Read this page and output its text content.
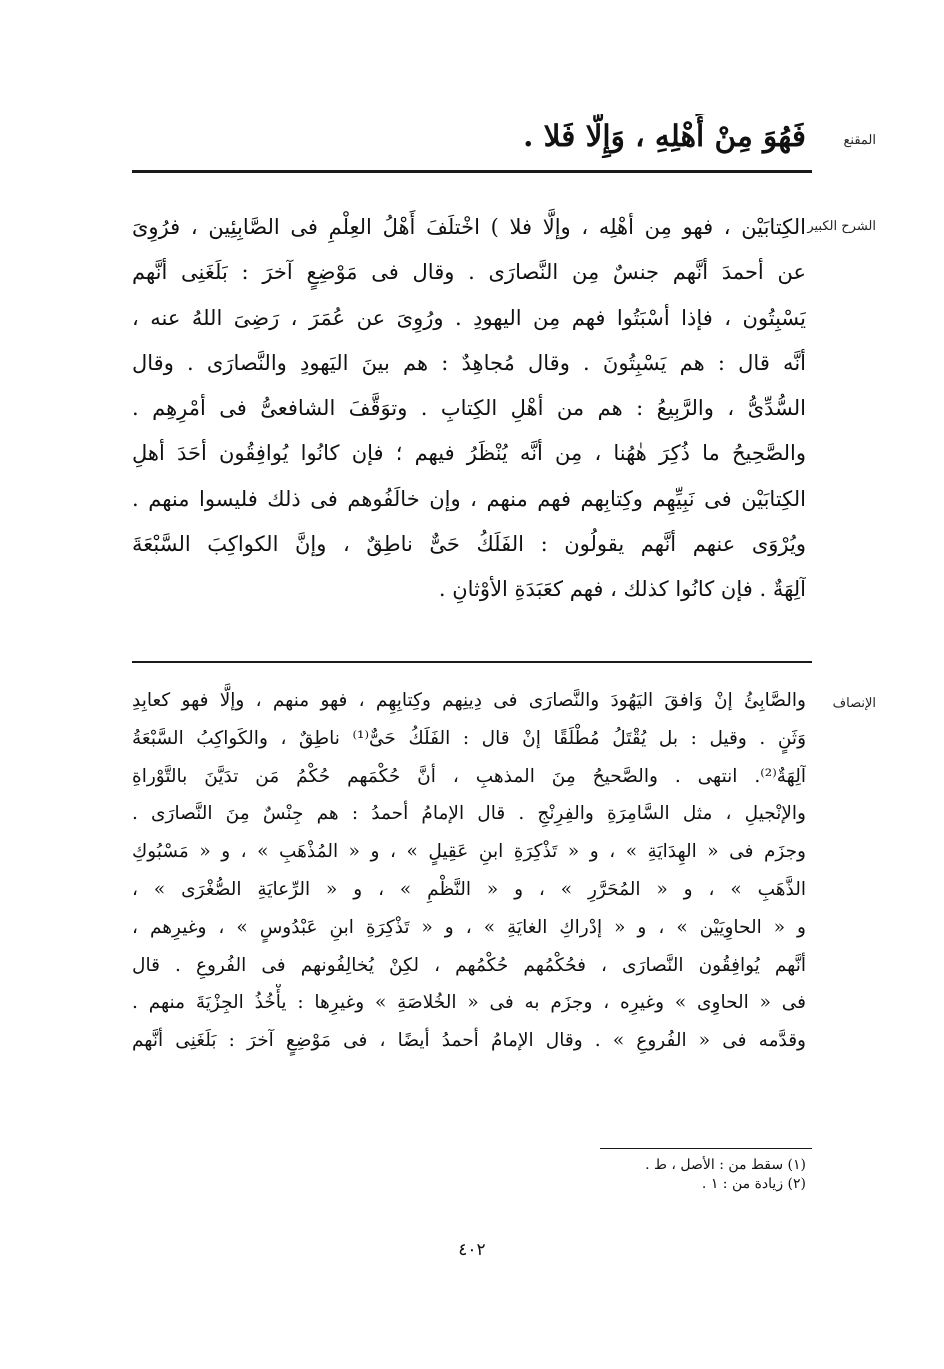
المقنع
فَهُوَ مِنْ أَهْلِهِ ، وَإِلَّا فَلا .
الشرح الكبير
الكِتابَيْن ، فهو مِن أهْلِه ، وإلَّا فلا ) اخْتلَفَ أَهْلُ العِلْمِ فى الصَّابِئِين ، فرُوِىَ
عن أحمدَ أنَّهم جنسٌ مِن النَّصارَى . وقال فى مَوْضِعٍ آخرَ : بَلَغَنِى أنَّهم
يَسْبِتُون ، فإذا أسْبَتُوا فهم مِن اليهودِ . ورُوِىَ عن عُمَرَ ، رَضِىَ اللهُ عنه ،
أنَّه قال : هم يَسْبِتُونَ . وقال مُجاهِدٌ : هم بينَ اليَهودِ والنَّصارَى . وقال
السُّدِّىُّ ، والرَّبِيعُ : هم من أهْلِ الكِتابِ . وتوَقَّفَ الشافعىُّ فى أمْرِهِم .
والصَّحِيحُ ما ذُكِرَ هٰهُنا ، مِن أنَّه يُنْظَرُ فيهم ؛ فإن كانُوا يُوافِقُون أحَدَ أهلِ
الكِتابَيْن فى نَبِيِّهِم وكِتابِهم فهم منهم ، وإن خالَفُوهم فى ذلك فليسوا منهم .
ويُرْوَى عنهم أنَّهم يقولُون : الفَلَكُ حَىٌّ ناطِقٌ ، وإنَّ الكواكِبَ السَّبْعَةَ
آلِهَةٌ . فإن كانُوا كذلك ، فهم كعَبَدَةِ الأوْثانِ .
الإنصاف
والصَّابِئُ إنْ وَافقَ اليَهُودَ والنَّصارَى فى دِينِهم وكِتابِهِم ، فهو منهم ، وإلَّا فهو كعابِدِ
وَثَنٍ . وقيل : بل يُقْتَلُ مُطْلَقًا إنْ قال : الفَلَكُ حَىٌّ⁽¹⁾ ناطِقٌ ، والكَواكِبُ السَّبْعَةُ
آلِهَةٌ⁽²⁾. انتهى . والصَّحيحُ مِنَ المذهبِ ، أنَّ حُكْمَهم حُكْمُ مَن تدَيَّنَ بالتَّوْراةِ
والإنْجيلِ ، مثل السَّامِرَةِ والفِرِنْجِ . قال الإمامُ أحمدُ : هم جِنْسٌ مِنَ النَّصارَى .
وجزَم فى « الهِدَايَةِ » ، و « تَذْكِرَةِ ابنِ عَقِيلٍ » ، و « المُذْهَبِ » ، و « مَسْبُوكِ
الذَّهَبِ » ، و « المُحَرَّرِ » ، و « النَّظْمِ » ، و « الرِّعايَةِ الصُّغْرَى » ،
و « الحاوِيَيْن » ، و « إدْراكِ الغايَةِ » ، و « تَذْكِرَةِ ابنِ عَبْدُوسٍ » ، وغيرِهم ،
أنَّهم يُوافِقُون النَّصارَى ، فحُكْمُهم حُكْمُهم ، لكِنْ يُخالِفُونهم فى الفُروعِ . قال
فى « الحاوِى » وغيرِه ، وجزَم به فى « الخُلاصَةِ » وغيرِها : يأْخُذُ الجِزْيَةَ منهم .
وقدَّمه فى « الفُروعِ » . وقال الإمامُ أحمدُ أيضًا ، فى مَوْضِعٍ آخرَ : بَلَغَنِى أنَّهم
(١) سقط من : الأصل ، ط .
(٢) زيادة من : ١ .
٤٠٢
